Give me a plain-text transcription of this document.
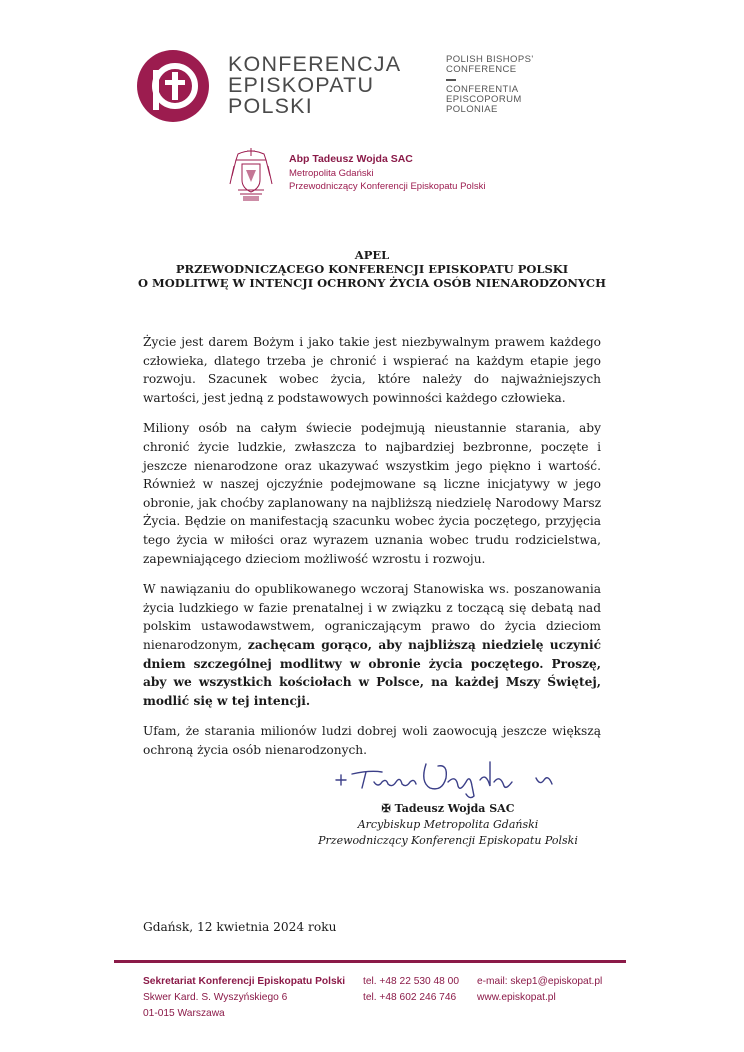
KONFERENCJA
EPISKOPATU
POLSKI
POLISH BISHOPS'
CONFERENCE
CONFERENTIA
EPISCOPORUM
POLONIAE
Abp Tadeusz Wojda SAC
Metropolita Gdański
Przewodniczący Konferencji Episkopatu Polski
APEL
PRZEWODNICZĄCEGO KONFERENCJI EPISKOPATU POLSKI
O MODLITWĘ W INTENCJI OCHRONY ŻYCIA OSÓB NIENARODZONYCH

Życie jest darem Bożym i jako takie jest niezbywalnym prawem każdego człowieka, dlatego trzeba je chronić i wspierać na każdym etapie jego rozwoju. Szacunek wobec życia, które należy do najważniejszych wartości, jest jedną z podstawowych powinności każdego człowieka.

Miliony osób na całym świecie podejmują nieustannie starania, aby chronić życie ludzkie, zwłaszcza to najbardziej bezbronne, poczęte i jeszcze nienarodzone oraz ukazywać wszystkim jego piękno i wartość. Również w naszej ojczyźnie podejmowane są liczne inicjatywy w jego obronie, jak choćby zaplanowany na najbliższą niedzielę Narodowy Marsz Życia. Będzie on manifestacją szacunku wobec życia poczętego, przyjęcia tego życia w miłości oraz wyrazem uznania wobec trudu rodzicielstwa, zapewniającego dzieciom możliwość wzrostu i rozwoju.

W nawiązaniu do opublikowanego wczoraj Stanowiska ws. poszanowania życia ludzkiego w fazie prenatalnej i w związku z toczącą się debatą nad polskim ustawodawstwem, ograniczającym prawo do życia dzieciom nienarodzonym, zachęcam gorąco, aby najbliższą niedzielę uczynić dniem szczególnej modlitwy w obronie życia poczętego. Proszę, aby we wszystkich kościołach w Polsce, na każdej Mszy Świętej, modlić się w tej intencji.

Ufam, że starania milionów ludzi dobrej woli zaowocują jeszcze większą ochroną życia osób nienarodzonych.

✠ Tadeusz Wojda SAC
Arcybiskup Metropolita Gdański
Przewodniczący Konferencji Episkopatu Polski
Gdańsk, 12 kwietnia 2024 roku
Sekretariat Konferencji Episkopatu Polski
Skwer Kard. S. Wyszyńskiego 6
01-015 Warszawa
tel. +48 22 530 48 00
tel. +48 602 246 746
e-mail: skep1@episkopat.pl
www.episkopat.pl
